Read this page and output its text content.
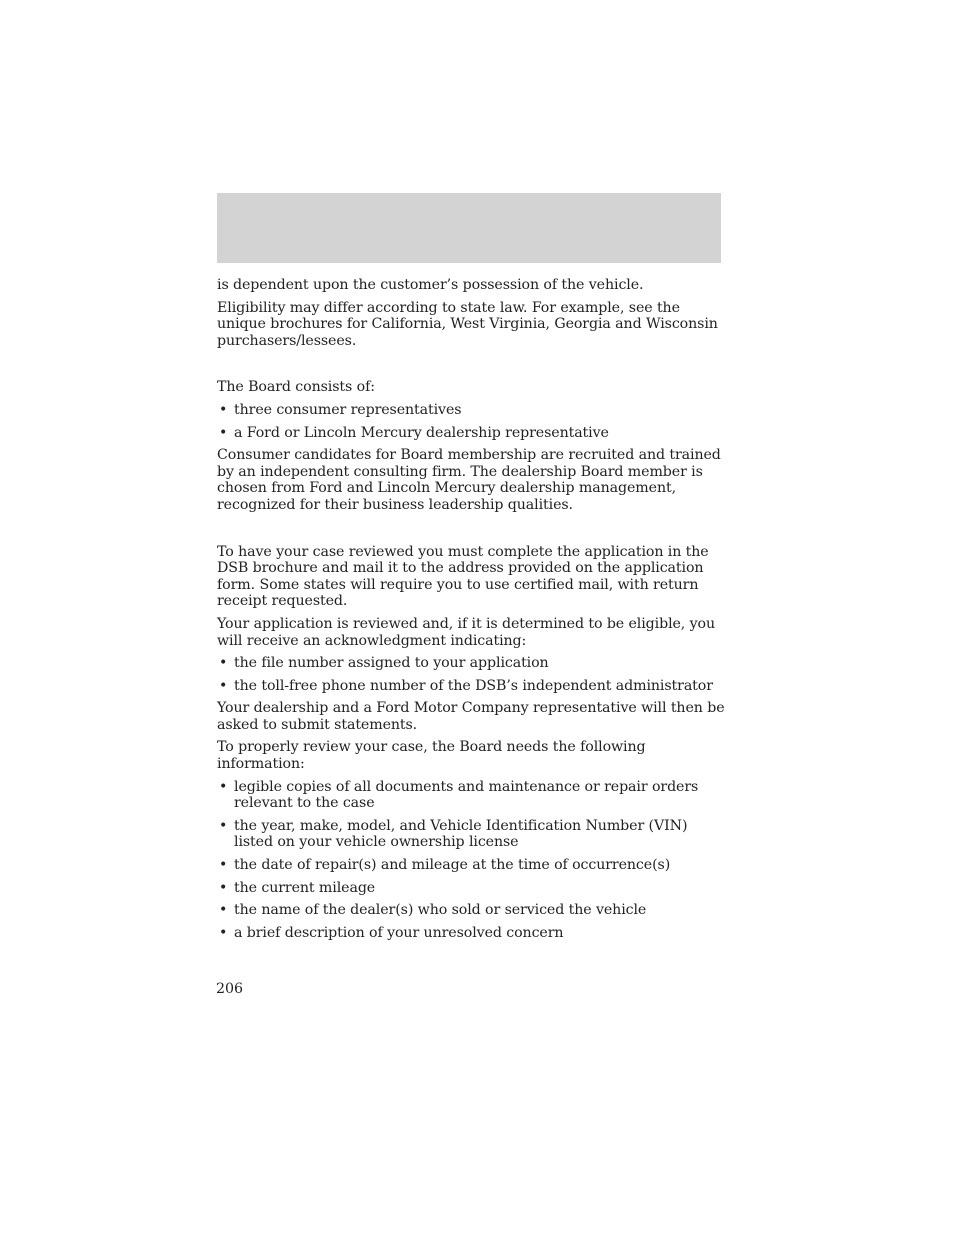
is dependent upon the customer’s possession of the vehicle.

Eligibility may differ according to state law. For example, see the unique brochures for California, West Virginia, Georgia and Wisconsin purchasers/lessees.

The Board consists of:

• three consumer representatives
• a Ford or Lincoln Mercury dealership representative

Consumer candidates for Board membership are recruited and trained by an independent consulting firm. The dealership Board member is chosen from Ford and Lincoln Mercury dealership management, recognized for their business leadership qualities.

To have your case reviewed you must complete the application in the DSB brochure and mail it to the address provided on the application form. Some states will require you to use certified mail, with return receipt requested.

Your application is reviewed and, if it is determined to be eligible, you will receive an acknowledgment indicating:

• the file number assigned to your application
• the toll-free phone number of the DSB’s independent administrator

Your dealership and a Ford Motor Company representative will then be asked to submit statements.

To properly review your case, the Board needs the following information:

• legible copies of all documents and maintenance or repair orders relevant to the case
• the year, make, model, and Vehicle Identification Number (VIN) listed on your vehicle ownership license
• the date of repair(s) and mileage at the time of occurrence(s)
• the current mileage
• the name of the dealer(s) who sold or serviced the vehicle
• a brief description of your unresolved concern
206
